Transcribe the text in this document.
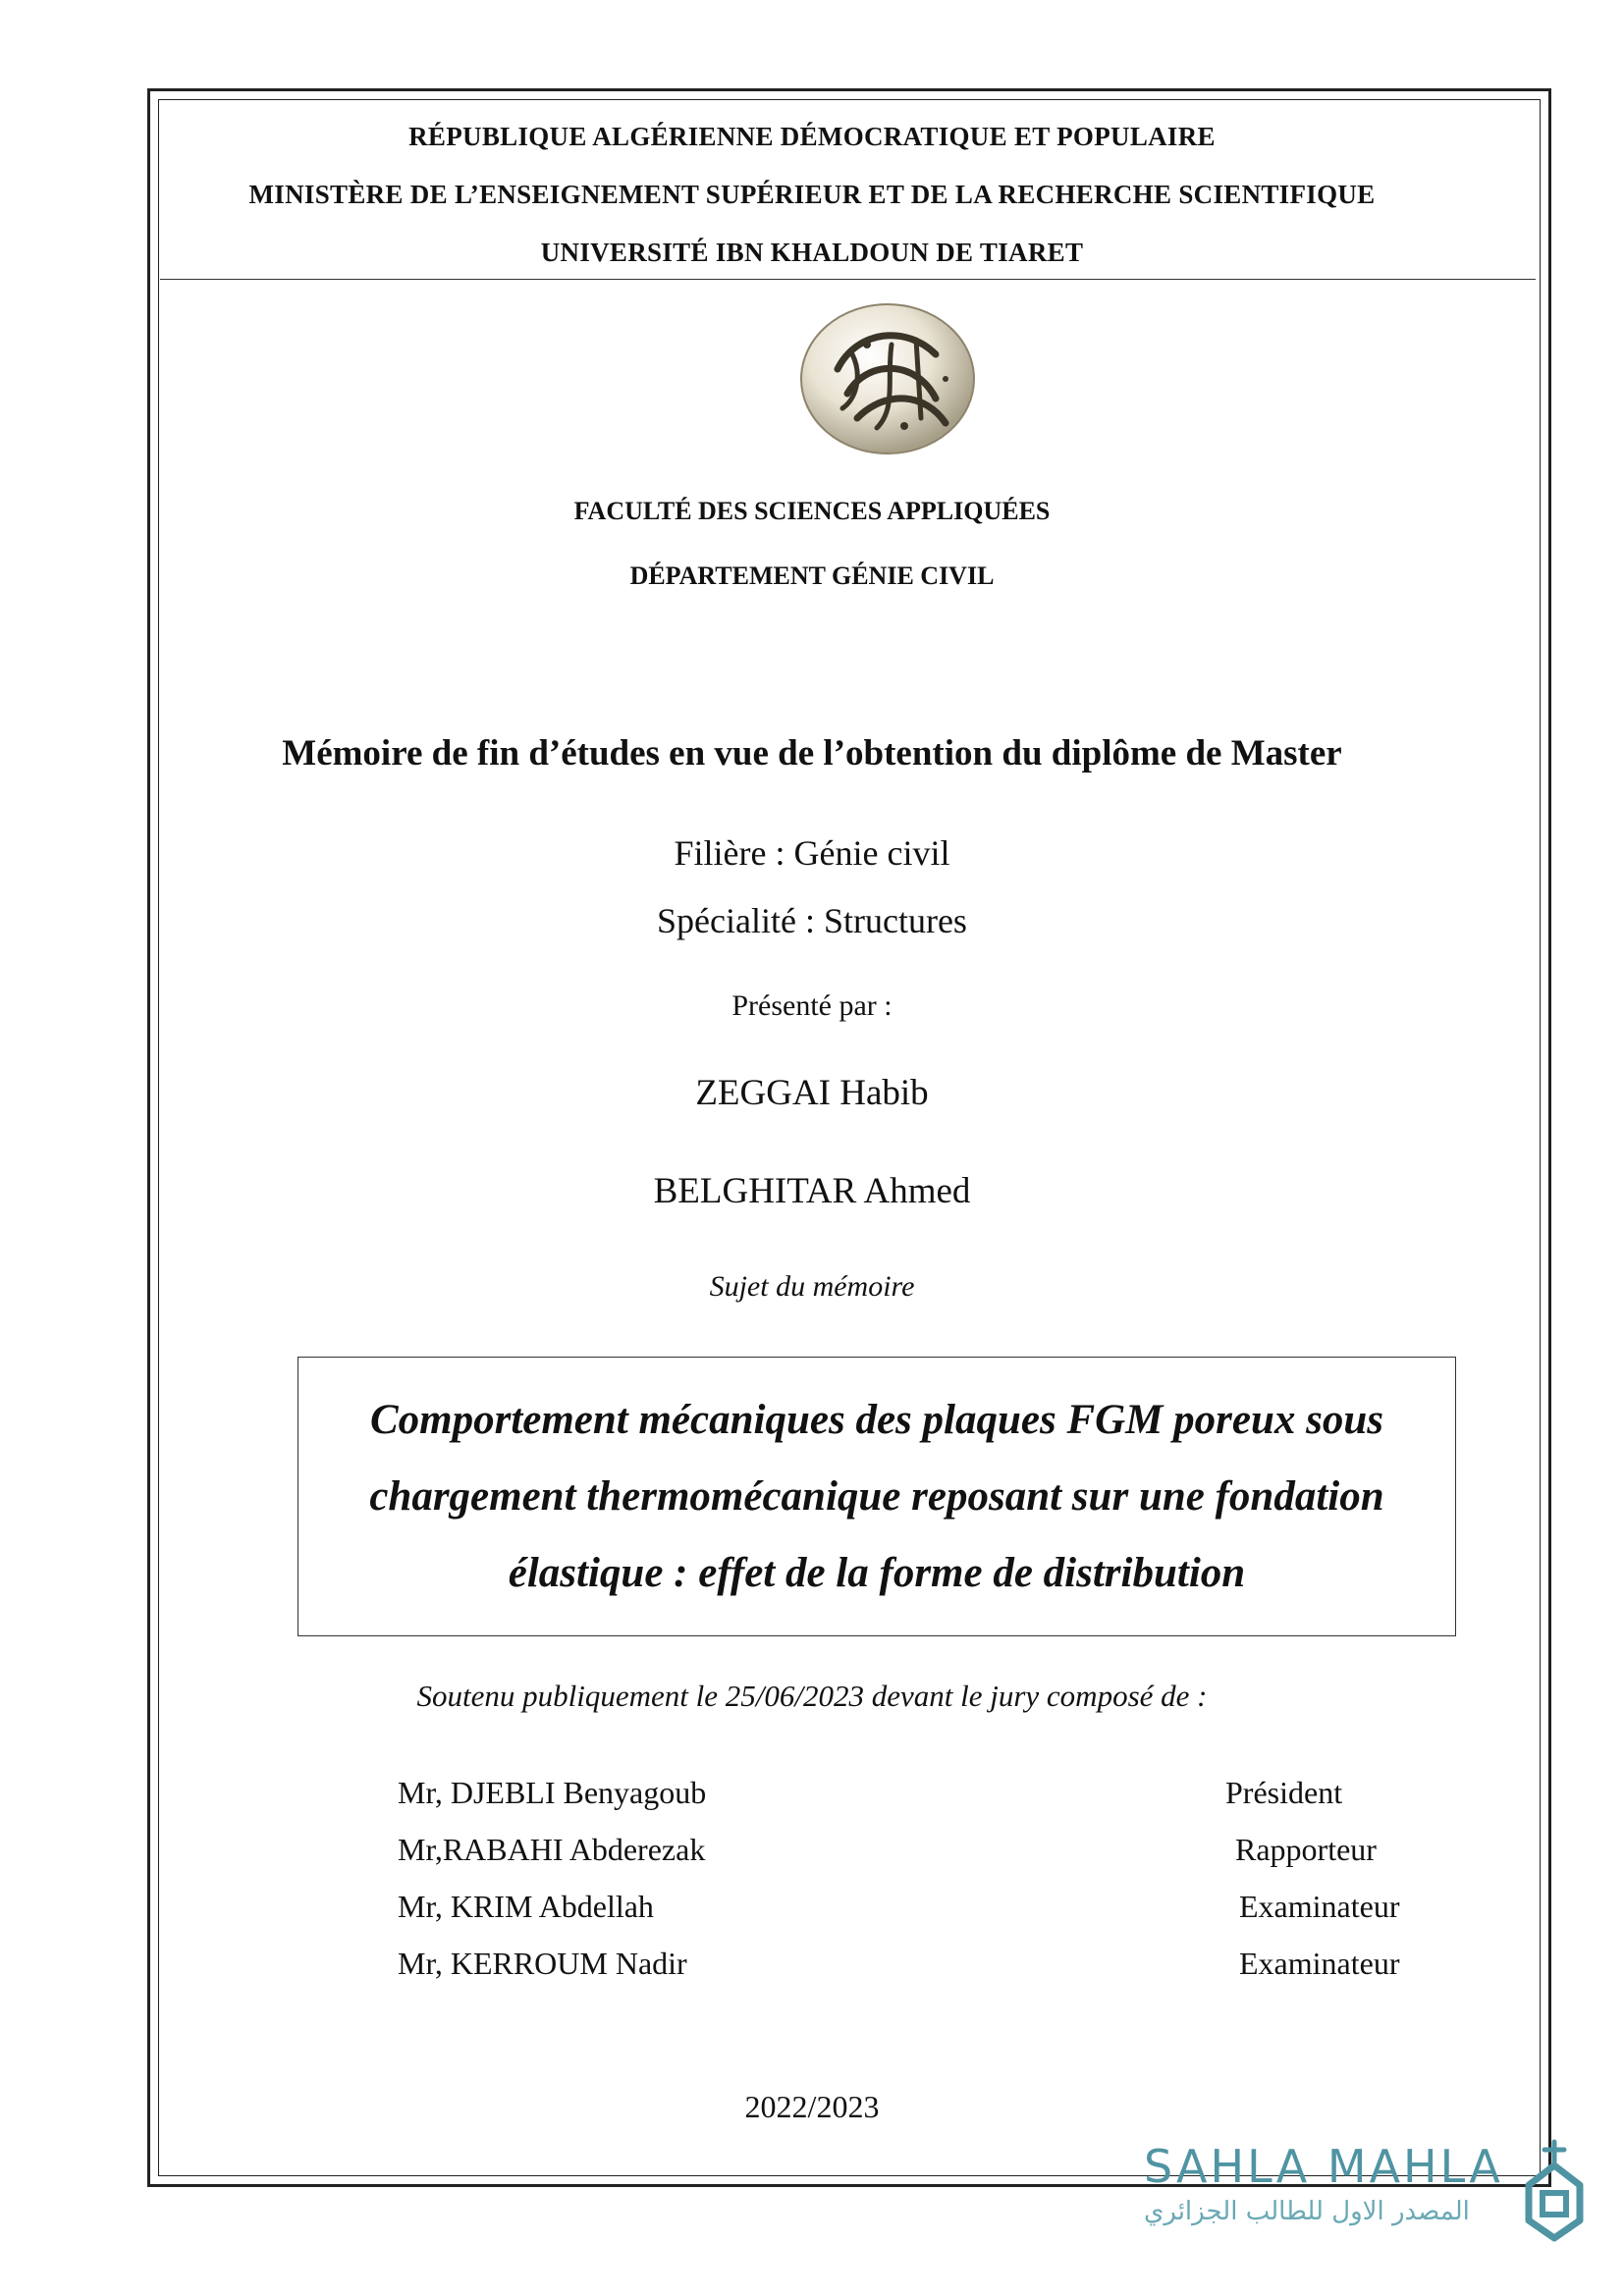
RÉPUBLIQUE ALGÉRIENNE DÉMOCRATIQUE ET POPULAIRE
MINISTÈRE DE L’ENSEIGNEMENT SUPÉRIEUR ET DE LA RECHERCHE SCIENTIFIQUE
UNIVERSITÉ IBN KHALDOUN DE TIARET
FACULTÉ DES SCIENCES APPLIQUÉES
DÉPARTEMENT GÉNIE CIVIL
Mémoire de fin d’études en vue de l’obtention du diplôme de Master
Filière : Génie civil
Spécialité : Structures
Présenté par :
ZEGGAI Habib
BELGHITAR Ahmed
Sujet du mémoire
Comportement mécaniques des plaques FGM poreux sous chargement thermomécanique reposant sur une fondation élastique : effet de la forme de distribution
Soutenu publiquement le 25/06/2023 devant le jury composé de :
Mr, DJEBLI Benyagoub	Président
Mr,RABAHI Abderezak	Rapporteur
Mr, KRIM Abdellah	Examinateur
Mr, KERROUM Nadir	Examinateur
2022/2023
SAHLA MAHLA
المصدر الاول للطالب الجزائري
